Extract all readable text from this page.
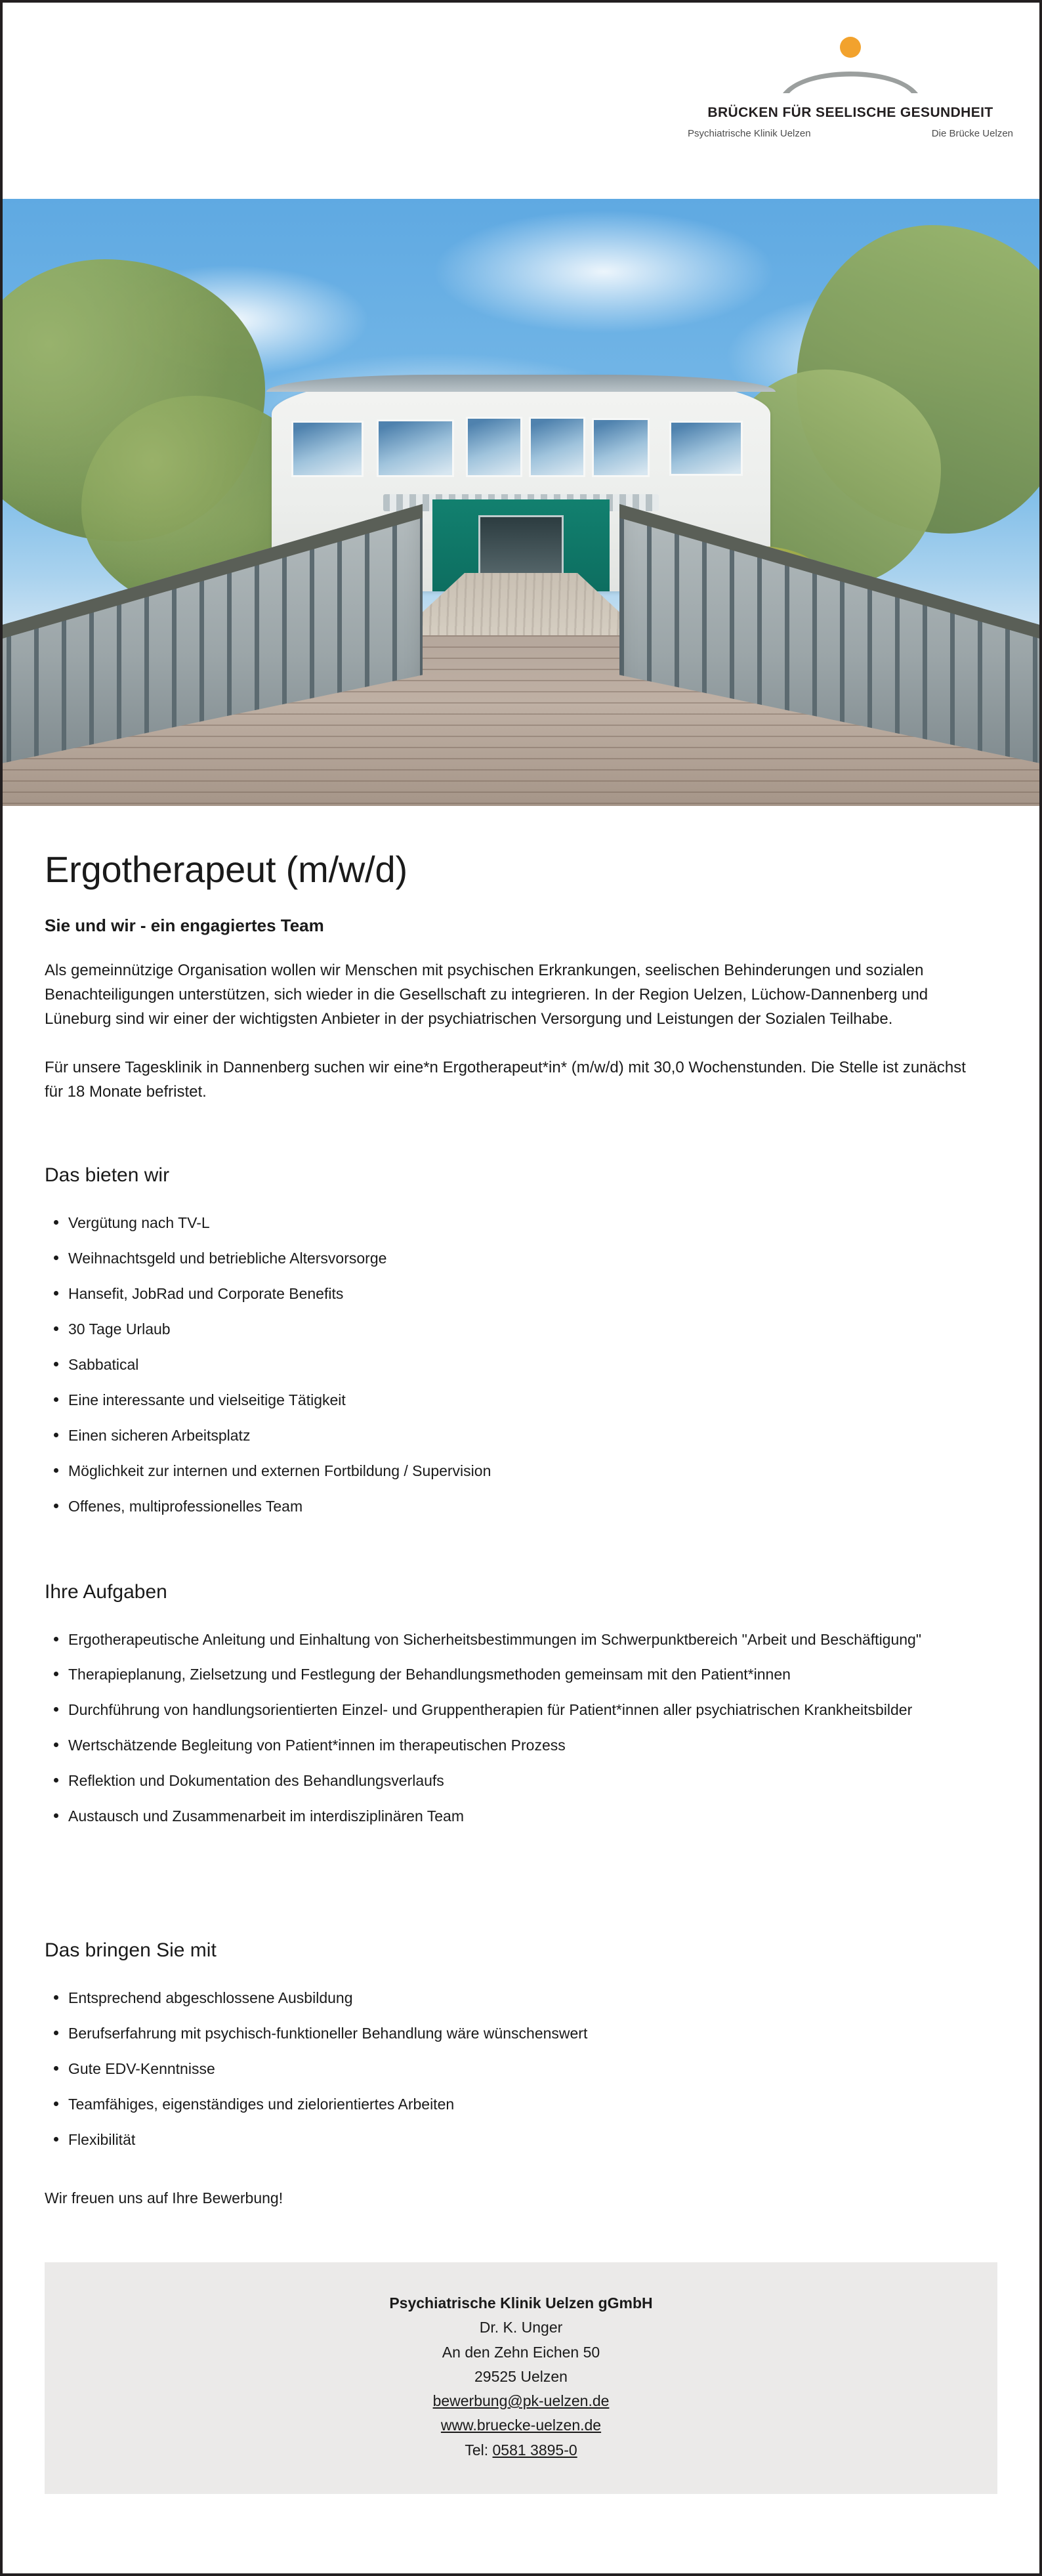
BRÜCKEN FÜR SEELISCHE GESUNDHEIT
Psychiatrische Klinik Uelzen	Die Brücke Uelzen
Ergotherapeut (m/w/d)
Sie und wir - ein engagiertes Team

Als gemeinnützige Organisation wollen wir Menschen mit psychischen Erkrankungen, seelischen Behinderungen und sozialen Benachteiligungen unterstützen, sich wieder in die Gesellschaft zu integrieren. In der Region Uelzen, Lüchow-Dannenberg und Lüneburg sind wir einer der wichtigsten Anbieter in der psychiatrischen Versorgung und Leistungen der Sozialen Teilhabe.

Für unsere Tagesklinik in Dannenberg suchen wir eine*n Ergotherapeut*in* (m/w/d) mit 30,0 Wochenstunden. Die Stelle ist zunächst für 18 Monate befristet.

Das bieten wir
Vergütung nach TV-L
Weihnachtsgeld und betriebliche Altersvorsorge
Hansefit, JobRad und Corporate Benefits
30 Tage Urlaub
Sabbatical
Eine interessante und vielseitige Tätigkeit
Einen sicheren Arbeitsplatz
Möglichkeit zur internen und externen Fortbildung / Supervision
Offenes, multiprofessionelles Team
Ihre Aufgaben
Ergotherapeutische Anleitung und Einhaltung von Sicherheitsbestimmungen im Schwerpunktbereich "Arbeit und Beschäftigung"
Therapieplanung, Zielsetzung und Festlegung der Behandlungsmethoden gemeinsam mit den Patient*innen
Durchführung von handlungsorientierten Einzel- und Gruppentherapien für Patient*innen aller psychiatrischen Krankheitsbilder
Wertschätzende Begleitung von Patient*innen im therapeutischen Prozess
Reflektion und Dokumentation des Behandlungsverlaufs
Austausch und Zusammenarbeit im interdisziplinären Team
Das bringen Sie mit
Entsprechend abgeschlossene Ausbildung
Berufserfahrung mit psychisch-funktioneller Behandlung wäre wünschenswert
Gute EDV-Kenntnisse
Teamfähiges, eigenständiges und zielorientiertes Arbeiten
Flexibilität

Wir freuen uns auf Ihre Bewerbung!

Psychiatrische Klinik Uelzen gGmbH
Dr. K. Unger
An den Zehn Eichen 50
29525 Uelzen
bewerbung@pk-uelzen.de
www.bruecke-uelzen.de
Tel: 0581 3895-0
